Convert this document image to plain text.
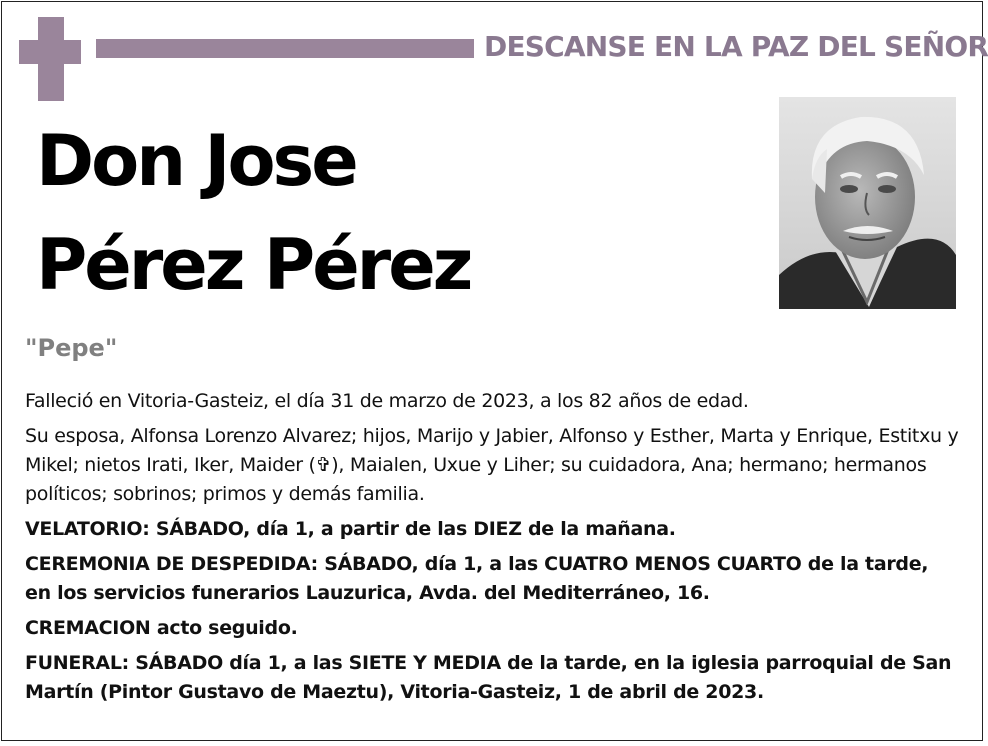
DESCANSE EN LA PAZ DEL SEÑOR
Don Jose
Pérez Pérez
"Pepe"

Falleció en Vitoria-Gasteiz, el día 31 de marzo de 2023, a los 82 años de edad.

Su esposa, Alfonsa Lorenzo Alvarez; hijos, Marijo y Jabier, Alfonso y Esther, Marta y Enrique, Estitxu y Mikel; nietos Irati, Iker, Maider (✞), Maialen, Uxue y Liher; su cuidadora, Ana; hermano; hermanos políticos; sobrinos; primos y demás familia.

VELATORIO: SÁBADO, día 1, a partir de las DIEZ de la mañana.

CEREMONIA DE DESPEDIDA: SÁBADO, día 1, a las CUATRO MENOS CUARTO de la tarde, en los servicios funerarios Lauzurica, Avda. del Mediterráneo, 16.

CREMACION acto seguido.

FUNERAL: SÁBADO día 1, a las SIETE Y MEDIA de la tarde, en la iglesia parroquial de San Martín (Pintor Gustavo de Maeztu), Vitoria-Gasteiz, 1 de abril de 2023.
